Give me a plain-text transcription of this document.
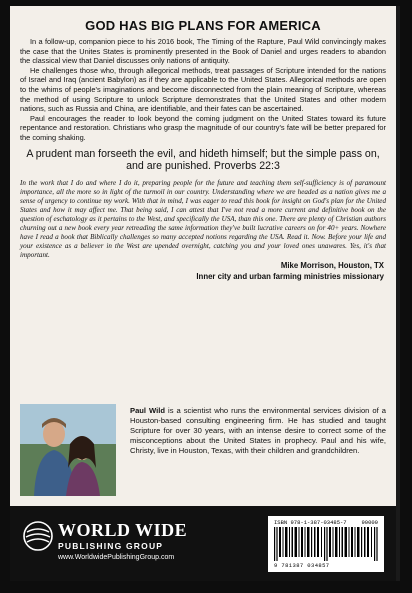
GOD HAS BIG PLANS FOR AMERICA

In a follow-up, companion piece to his 2016 book, The Timing of the Rapture, Paul Wild convincingly makes the case that the Unites States is prominently presented in the Book of Daniel and urges readers to abandon the classical view that Daniel discusses only nations of antiquity.

He challenges those who, through allegorical methods, treat passages of Scripture intended for the nations of Israel and Iraq (ancient Babylon) as if they are applicable to the United States. Allegorical methods are open to the whims of people's imaginations and become disconnected from the plain meaning of Scripture, whereas the method of using Scripture to unlock Scripture demonstrates that the United States and other modern nations, such as Russia and China, are identifiable, and their fates can be ascertained.

Paul encourages the reader to look beyond the coming judgment on the United States toward its future repentance and restoration. Christians who grasp the magnitude of our country's fate will be better prepared for the coming shaking.

A prudent man forseeth the evil, and hideth himself; but the simple pass on, and are punished. Proverbs 22:3

In the work that I do and where I do it, preparing people for the future and teaching them self-sufficiency is of paramount importance, all the more so in light of the turmoil in our country. Understanding where we are headed as a nation gives me a sense of urgency to continue my work. With that in mind, I was eager to read this book for insight on God's plan for the United States and how it may affect me. That being said, I can attest that I've not read a more current and definitive book on the question of eschatology as it pertains to the West, and specifically the USA, than this one. There are plenty of Christian authors churning out a new book every year retreading the same information they've built lucrative careers on for 40+ years. Nowhere have I read a book that Biblically challenges so many accepted notions regarding the USA. Read it. Now. Before your life and your existence as a believer in the West are upended overnight, catching you and your loved ones unawares. Yes, it's that important.

Mike Morrison, Houston, TX
Inner city and urban farming ministries missionary
Paul Wild is a scientist who runs the environmental services division of a Houston-based consulting engineering firm. He has studied and taught Scripture for over 30 years, with an intense desire to correct some of the misconceptions about the United States in prophecy. Paul and his wife, Christy, live in Houston, Texas, with their children and grandchildren.
WORLD WIDE
PUBLISHING GROUP
www.WorldwidePublishingGroup.com
ISBN 978-1-387-03485-7	90000
9 781387 034857
